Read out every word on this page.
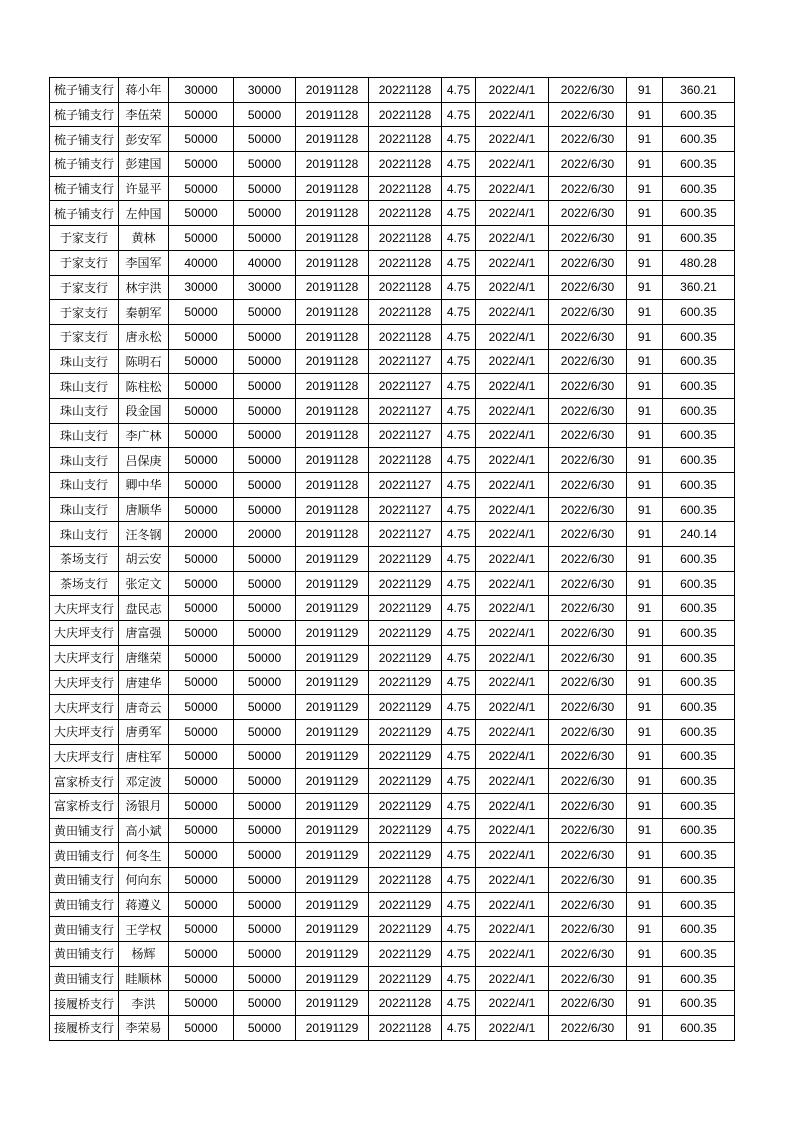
梳子铺支行	蒋小年	30000	30000	20191128	20221128	4.75	2022/4/1	2022/6/30	91	360.21
梳子铺支行	李伍荣	50000	50000	20191128	20221128	4.75	2022/4/1	2022/6/30	91	600.35
梳子铺支行	彭安军	50000	50000	20191128	20221128	4.75	2022/4/1	2022/6/30	91	600.35
梳子铺支行	彭建国	50000	50000	20191128	20221128	4.75	2022/4/1	2022/6/30	91	600.35
梳子铺支行	许显平	50000	50000	20191128	20221128	4.75	2022/4/1	2022/6/30	91	600.35
梳子铺支行	左仲国	50000	50000	20191128	20221128	4.75	2022/4/1	2022/6/30	91	600.35
于家支行	黄林	50000	50000	20191128	20221128	4.75	2022/4/1	2022/6/30	91	600.35
于家支行	李国军	40000	40000	20191128	20221128	4.75	2022/4/1	2022/6/30	91	480.28
于家支行	林宇洪	30000	30000	20191128	20221128	4.75	2022/4/1	2022/6/30	91	360.21
于家支行	秦朝军	50000	50000	20191128	20221128	4.75	2022/4/1	2022/6/30	91	600.35
于家支行	唐永松	50000	50000	20191128	20221128	4.75	2022/4/1	2022/6/30	91	600.35
珠山支行	陈明石	50000	50000	20191128	20221127	4.75	2022/4/1	2022/6/30	91	600.35
珠山支行	陈柱松	50000	50000	20191128	20221127	4.75	2022/4/1	2022/6/30	91	600.35
珠山支行	段金国	50000	50000	20191128	20221127	4.75	2022/4/1	2022/6/30	91	600.35
珠山支行	李广林	50000	50000	20191128	20221127	4.75	2022/4/1	2022/6/30	91	600.35
珠山支行	吕保庚	50000	50000	20191128	20221128	4.75	2022/4/1	2022/6/30	91	600.35
珠山支行	卿中华	50000	50000	20191128	20221127	4.75	2022/4/1	2022/6/30	91	600.35
珠山支行	唐顺华	50000	50000	20191128	20221127	4.75	2022/4/1	2022/6/30	91	600.35
珠山支行	汪冬钢	20000	20000	20191128	20221127	4.75	2022/4/1	2022/6/30	91	240.14
茶场支行	胡云安	50000	50000	20191129	20221129	4.75	2022/4/1	2022/6/30	91	600.35
茶场支行	张定文	50000	50000	20191129	20221129	4.75	2022/4/1	2022/6/30	91	600.35
大庆坪支行	盘民志	50000	50000	20191129	20221129	4.75	2022/4/1	2022/6/30	91	600.35
大庆坪支行	唐富强	50000	50000	20191129	20221129	4.75	2022/4/1	2022/6/30	91	600.35
大庆坪支行	唐继荣	50000	50000	20191129	20221129	4.75	2022/4/1	2022/6/30	91	600.35
大庆坪支行	唐建华	50000	50000	20191129	20221129	4.75	2022/4/1	2022/6/30	91	600.35
大庆坪支行	唐奇云	50000	50000	20191129	20221129	4.75	2022/4/1	2022/6/30	91	600.35
大庆坪支行	唐勇军	50000	50000	20191129	20221129	4.75	2022/4/1	2022/6/30	91	600.35
大庆坪支行	唐柱军	50000	50000	20191129	20221129	4.75	2022/4/1	2022/6/30	91	600.35
富家桥支行	邓定波	50000	50000	20191129	20221129	4.75	2022/4/1	2022/6/30	91	600.35
富家桥支行	汤银月	50000	50000	20191129	20221129	4.75	2022/4/1	2022/6/30	91	600.35
黄田铺支行	高小斌	50000	50000	20191129	20221129	4.75	2022/4/1	2022/6/30	91	600.35
黄田铺支行	何冬生	50000	50000	20191129	20221129	4.75	2022/4/1	2022/6/30	91	600.35
黄田铺支行	何向东	50000	50000	20191129	20221128	4.75	2022/4/1	2022/6/30	91	600.35
黄田铺支行	蒋遵义	50000	50000	20191129	20221129	4.75	2022/4/1	2022/6/30	91	600.35
黄田铺支行	王学权	50000	50000	20191129	20221129	4.75	2022/4/1	2022/6/30	91	600.35
黄田铺支行	杨辉	50000	50000	20191129	20221129	4.75	2022/4/1	2022/6/30	91	600.35
黄田铺支行	眭顺林	50000	50000	20191129	20221129	4.75	2022/4/1	2022/6/30	91	600.35
接履桥支行	李洪	50000	50000	20191129	20221128	4.75	2022/4/1	2022/6/30	91	600.35
接履桥支行	李荣易	50000	50000	20191129	20221128	4.75	2022/4/1	2022/6/30	91	600.35
